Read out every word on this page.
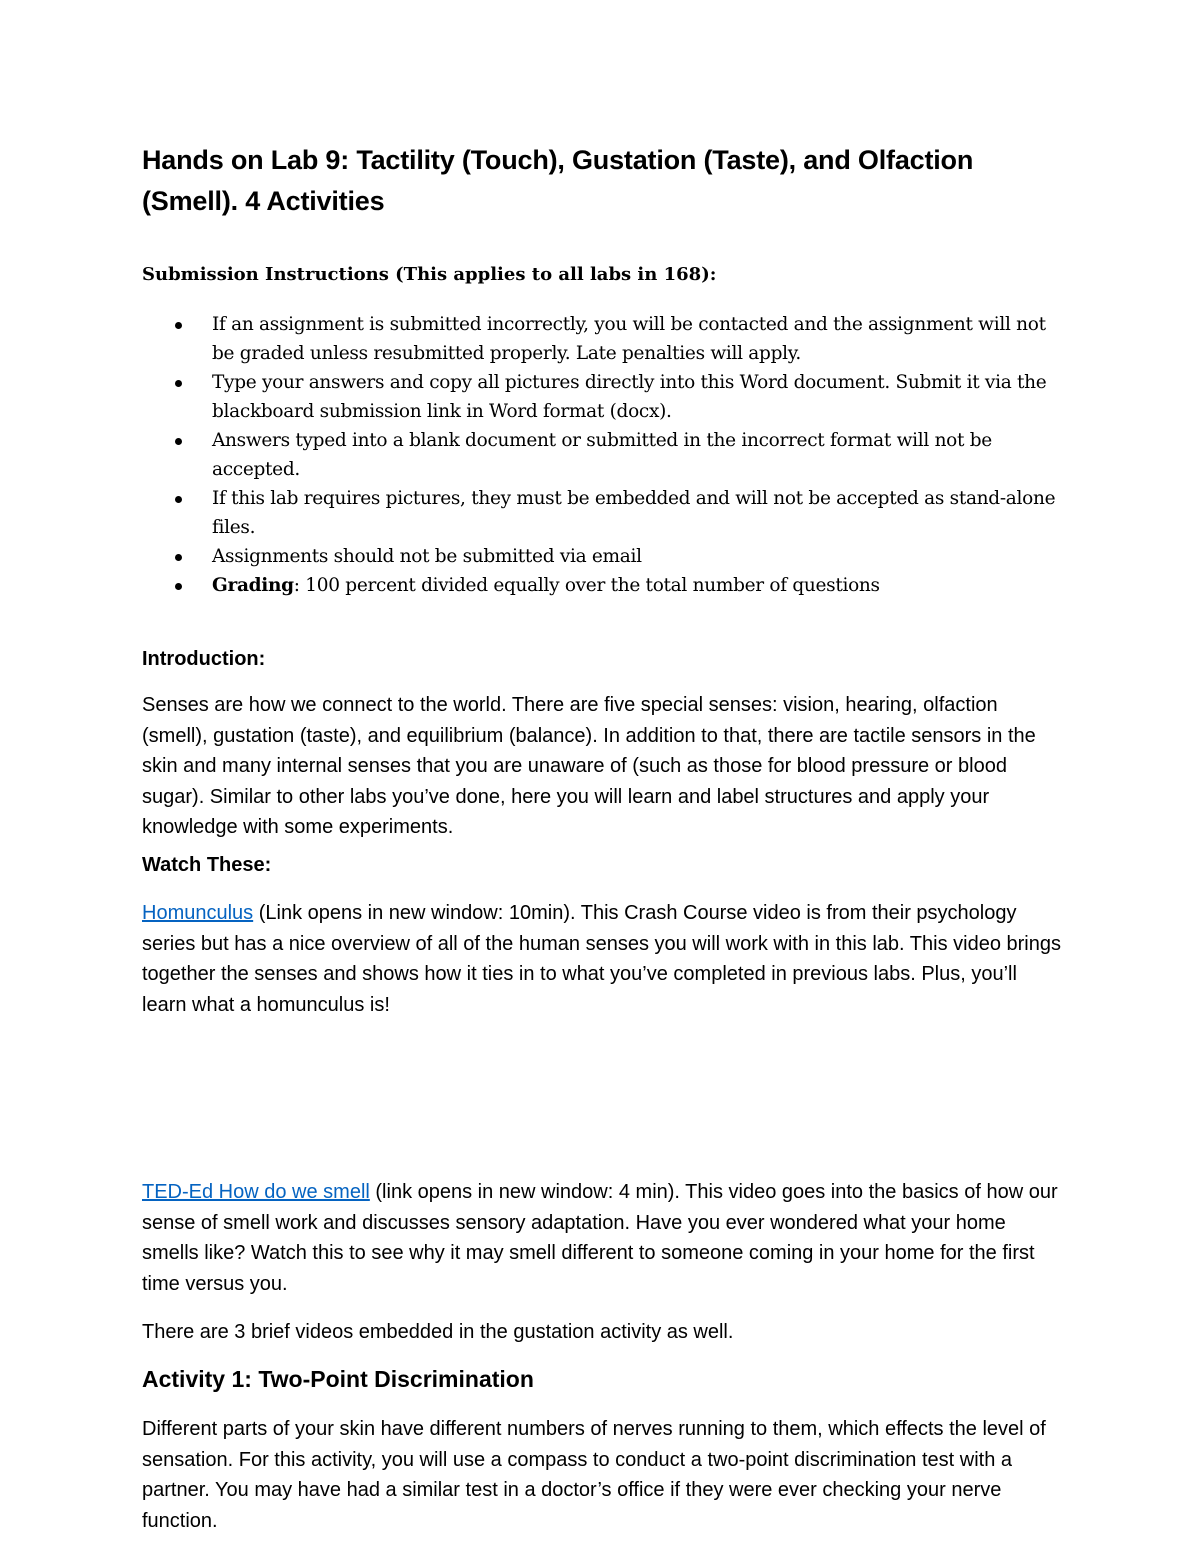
Hands on Lab 9: Tactility (Touch), Gustation (Taste), and Olfaction
(Smell). 4 Activities

Submission Instructions (This applies to all labs in 168):

If an assignment is submitted incorrectly, you will be contacted and the assignment will not be graded unless resubmitted properly. Late penalties will apply.
Type your answers and copy all pictures directly into this Word document. Submit it via the blackboard submission link in Word format (docx).
Answers typed into a blank document or submitted in the incorrect format will not be accepted.
If this lab requires pictures, they must be embedded and will not be accepted as stand-alone files.
Assignments should not be submitted via email
Grading: 100 percent divided equally over the total number of questions
Introduction:

Senses are how we connect to the world. There are five special senses: vision, hearing, olfaction (smell), gustation (taste), and equilibrium (balance). In addition to that, there are tactile sensors in the skin and many internal senses that you are unaware of (such as those for blood pressure or blood sugar). Similar to other labs you’ve done, here you will learn and label structures and apply your knowledge with some experiments.

Watch These:

Homunculus (Link opens in new window: 10min). This Crash Course video is from their psychology series but has a nice overview of all of the human senses you will work with in this lab. This video brings together the senses and shows how it ties in to what you’ve completed in previous labs. Plus, you’ll learn what a homunculus is!

TED-Ed How do we smell (link opens in new window: 4 min). This video goes into the basics of how our sense of smell work and discusses sensory adaptation. Have you ever wondered what your home smells like? Watch this to see why it may smell different to someone coming in your home for the first time versus you.

There are 3 brief videos embedded in the gustation activity as well.

Activity 1: Two-Point Discrimination

Different parts of your skin have different numbers of nerves running to them, which effects the level of sensation. For this activity, you will use a compass to conduct a two-point discrimination test with a partner. You may have had a similar test in a doctor’s office if they were ever checking your nerve function.
